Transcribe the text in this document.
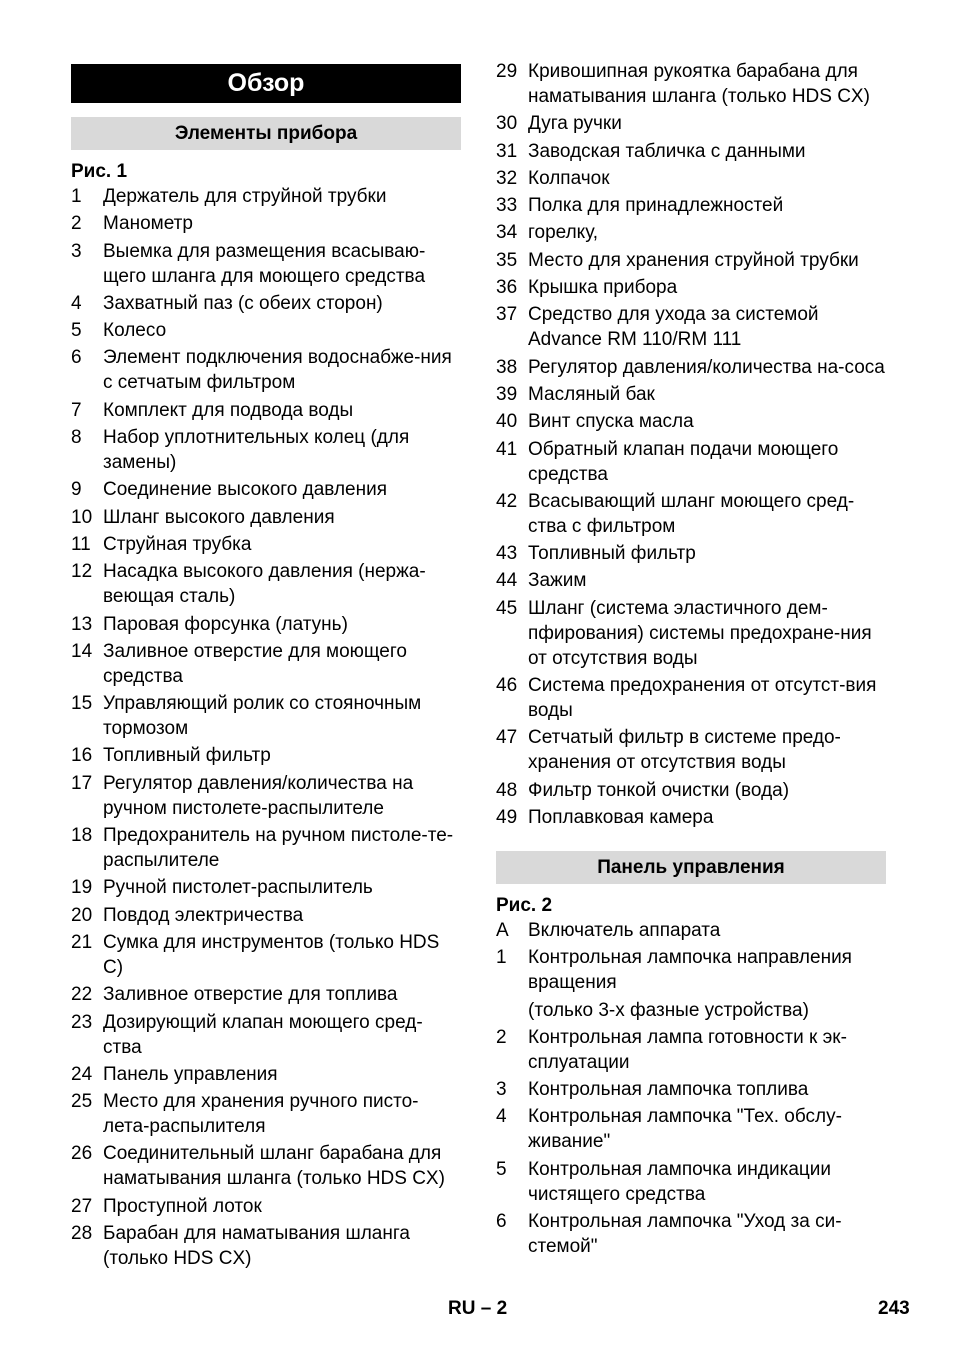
Обзор
Элементы прибора
Рис. 1
1	Держатель для струйной трубки
2	Манометр
3	Выемка для размещения всасываю-щего шланга для моющего средства
4	Захватный паз (с обеих сторон)
5	Колесо
6	Элемент подключения водоснабже-ния с сетчатым фильтром
7	Комплект для подвода воды
8	Набор уплотнительных колец (для замены)
9	Соединение высокого давления
10 Шланг высокого давления
11 Струйная трубка
12 Насадка высокого давления (нержа-веющая сталь)
13 Паровая форсунка (латунь)
14 Заливное отверстие для моющего средства
15 Управляющий ролик со стояночным тормозом
16 Топливный фильтр
17 Регулятор давления/количества на ручном пистолете-распылителе
18 Предохранитель на ручном пистоле-те-распылителе
19 Ручной пистолет-распылитель
20 Повдод электричества
21 Сумка для инструментов (только HDS C)
22 Заливное отверстие для топлива
23 Дозирующий клапан моющего сред-ства
24 Панель управления
25 Место для хранения ручного писто-лета-распылителя
26 Соединительный шланг барабана для наматывания шланга (только HDS CX)
27 Проступной лоток
28 Барабан для наматывания шланга (только HDS CX)
29 Кривошипная рукоятка барабана для наматывания шланга (только HDS CX)
30 Дуга ручки
31 Заводская табличка с данными
32 Колпачок
33 Полка для принадлежностей
34 горелку,
35 Место для хранения струйной трубки
36 Крышка прибора
37 Средство для ухода за системой Advance RM 110/RM 111
38 Регулятор давления/количества на-соса
39 Масляный бак
40 Винт спуска масла
41 Обратный клапан подачи моющего средства
42 Всасывающий шланг моющего сред-ства с фильтром
43 Топливный фильтр
44 Зажим
45 Шланг (система эластичного дем-пфирования) системы предохране-ния от отсутствия воды
46 Система предохранения от отсутст-вия воды
47 Сетчатый фильтр в системе предо-хранения от отсутствия воды
48 Фильтр тонкой очистки (вода)
49 Поплавковая камера
Панель управления
Рис. 2
A	Включатель аппарата
1	Контрольная лампочка направления вращения
(только 3-х фазные устройства)
2	Контрольная лампа готовности к эк-сплуатации
3	Контрольная лампочка топлива
4	Контрольная лампочка "Тех. обслу-живание"
5	Контрольная лампочка индикации чистящего средства
6	Контрольная лампочка "Уход за си-стемой"
RU – 2	243
